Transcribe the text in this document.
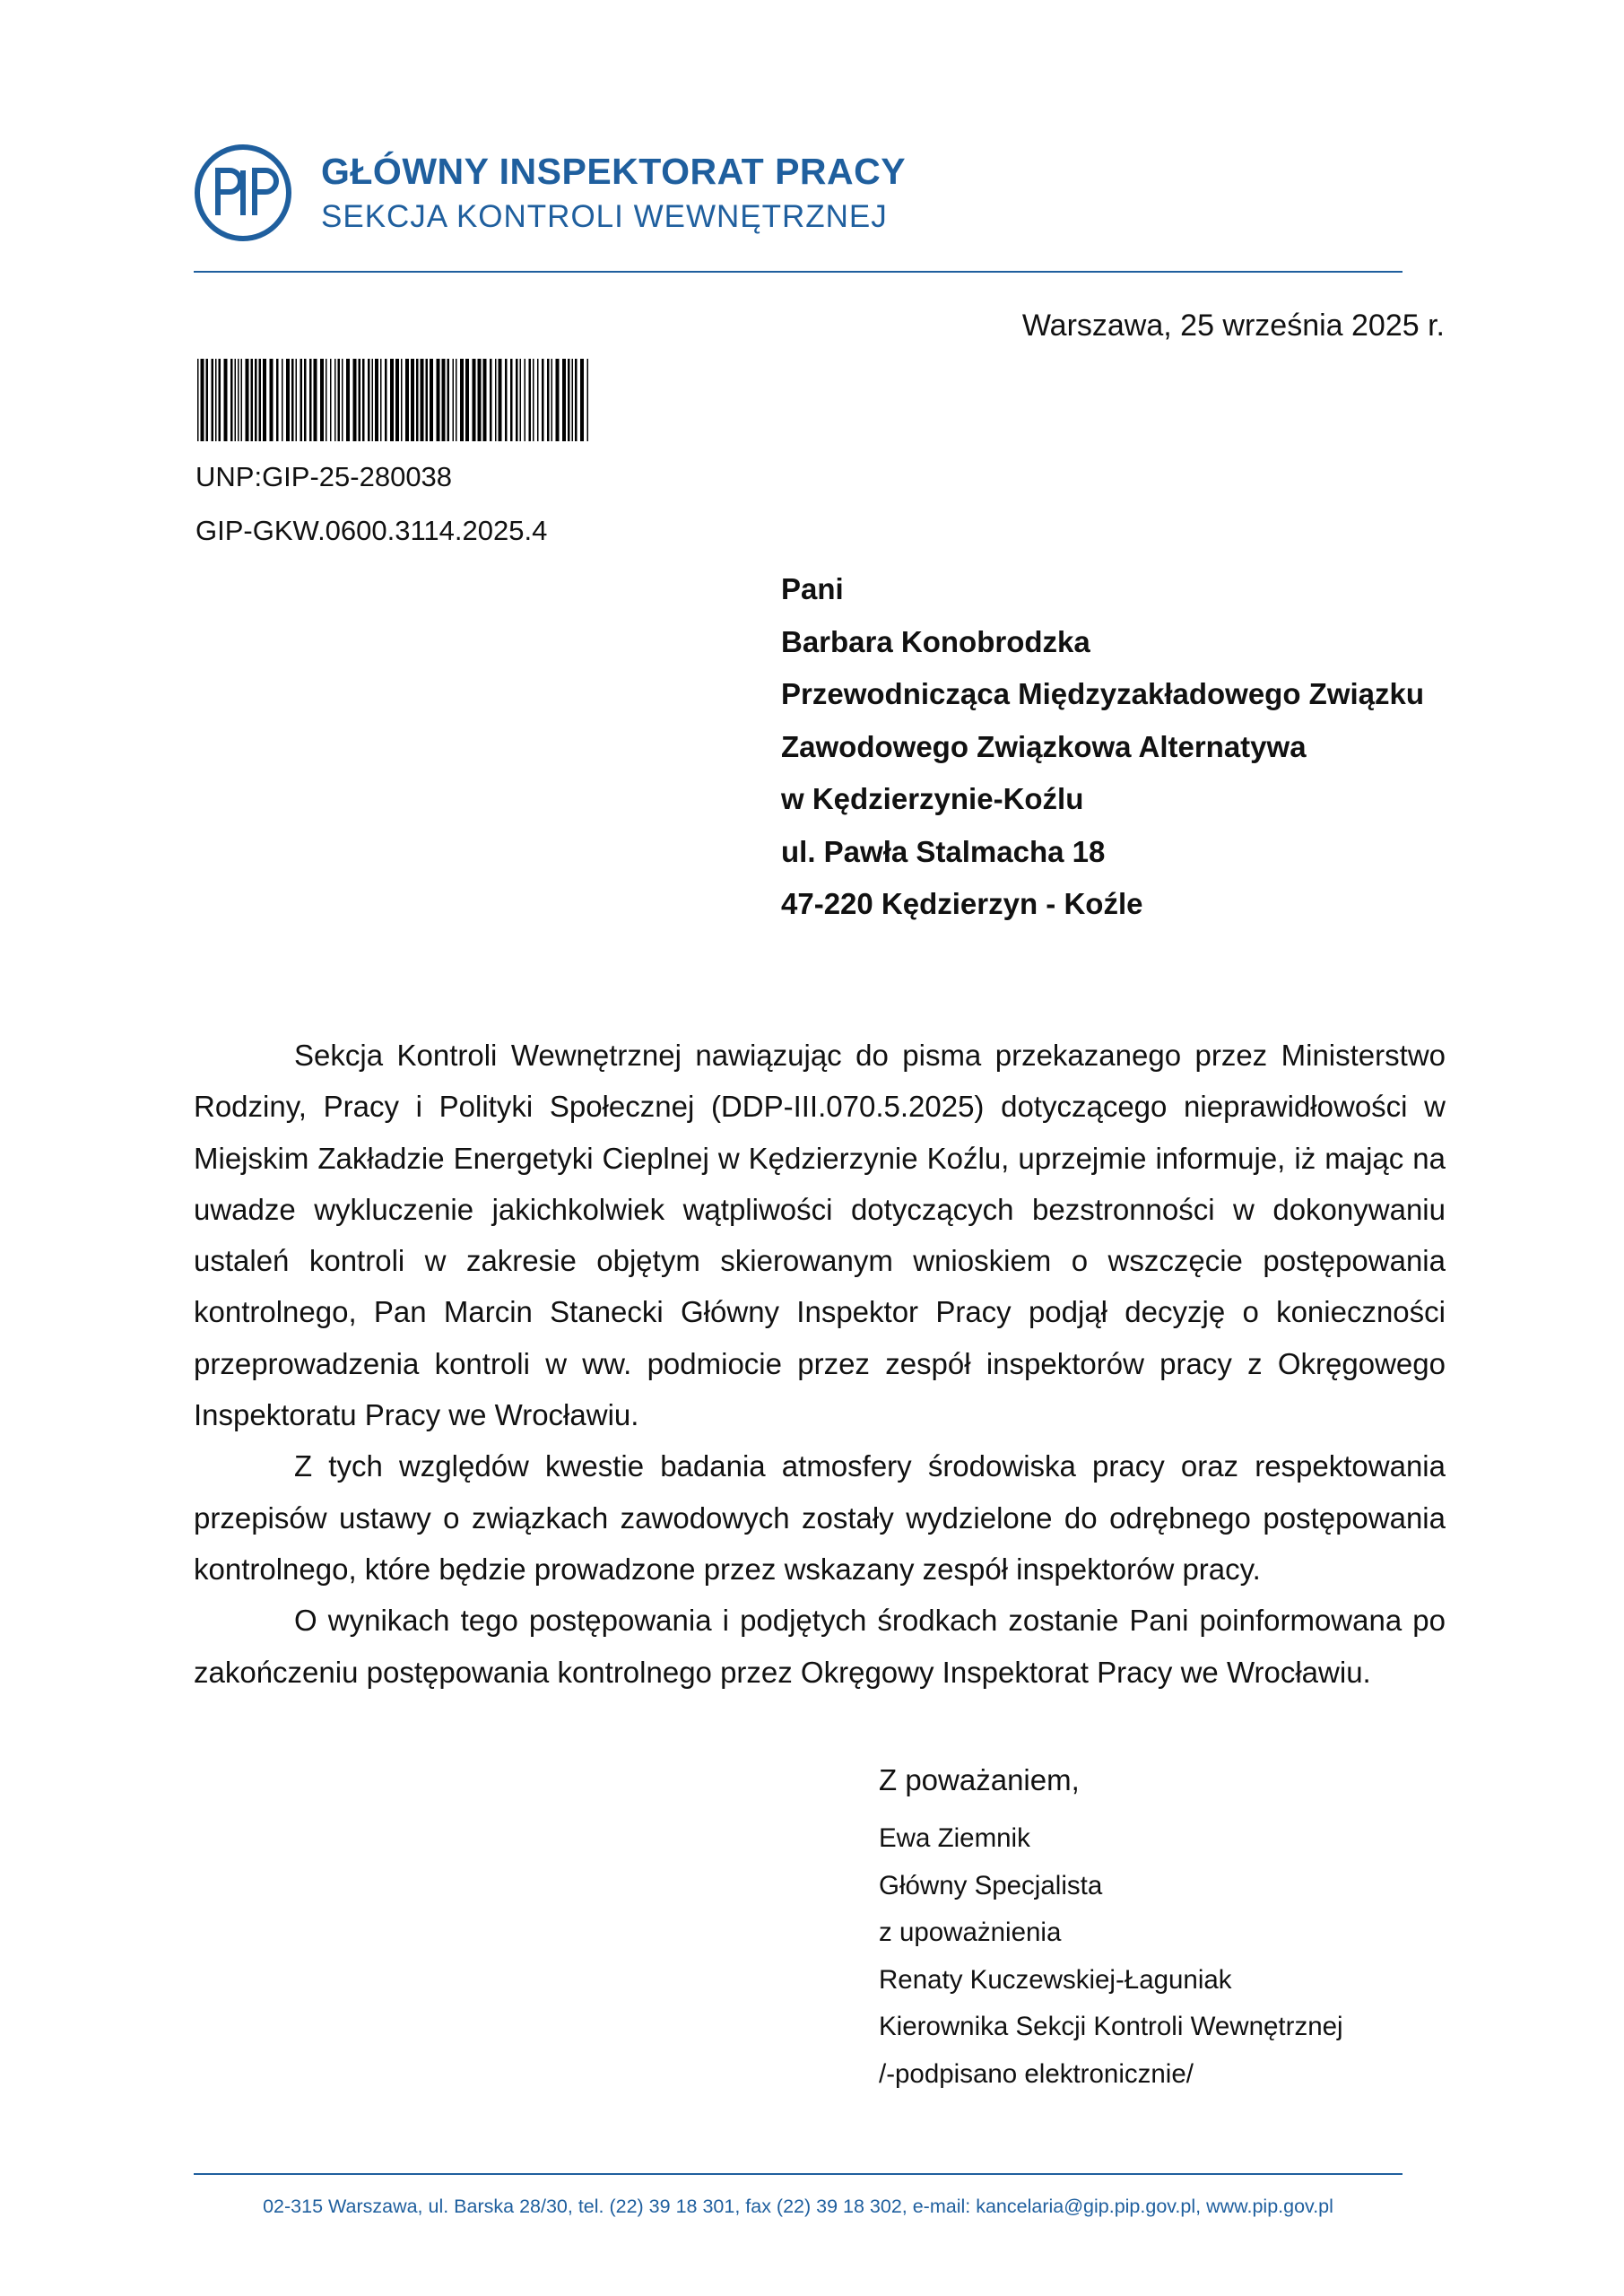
GŁÓWNY INSPEKTORAT PRACY
SEKCJA KONTROLI WEWNĘTRZNEJ
Warszawa, 25 września 2025 r.
UNP:GIP-25-280038
GIP-GKW.0600.3114.2025.4
Pani
Barbara Konobrodzka
Przewodnicząca Międzyzakładowego Związku
Zawodowego Związkowa Alternatywa
w Kędzierzynie-Koźlu
ul. Pawła Stalmacha 18
47-220 Kędzierzyn - Koźle

Sekcja Kontroli Wewnętrznej nawiązując do pisma przekazanego przez Ministerstwo Rodziny, Pracy i Polityki Społecznej (DDP-III.070.5.2025) dotyczącego nieprawidłowości w Miejskim Zakładzie Energetyki Cieplnej w Kędzierzynie Koźlu, uprzejmie informuje, iż mając na uwadze wykluczenie jakichkolwiek wątpliwości dotyczących bezstronności w dokonywaniu ustaleń kontroli w zakresie objętym skierowanym wnioskiem o wszczęcie postępowania kontrolnego, Pan Marcin Stanecki Główny Inspektor Pracy podjął decyzję o konieczności przeprowadzenia kontroli w ww. podmiocie przez zespół inspektorów pracy z Okręgowego Inspektoratu Pracy we Wrocławiu.

Z tych względów kwestie badania atmosfery środowiska pracy oraz respektowania przepisów ustawy o związkach zawodowych zostały wydzielone do odrębnego postępowania kontrolnego, które będzie prowadzone przez wskazany zespół inspektorów pracy.

O wynikach tego postępowania i podjętych środkach zostanie Pani poinformowana po zakończeniu postępowania kontrolnego przez Okręgowy Inspektorat Pracy we Wrocławiu.

Z poważaniem,
Ewa Ziemnik
Główny Specjalista
z upoważnienia
Renaty Kuczewskiej-Łaguniak
Kierownika Sekcji Kontroli Wewnętrznej
/-podpisano elektronicznie/
02-315 Warszawa, ul. Barska 28/30, tel. (22) 39 18 301, fax (22) 39 18 302, e-mail: kancelaria@gip.pip.gov.pl, www.pip.gov.pl
